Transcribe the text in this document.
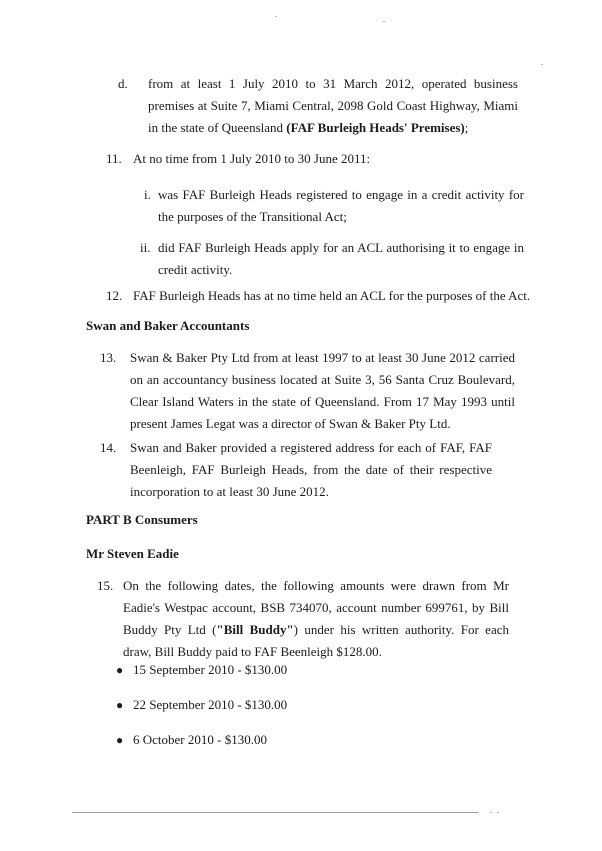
d. from at least 1 July 2010 to 31 March 2012, operated business premises at Suite 7, Miami Central, 2098 Gold Coast Highway, Miami in the state of Queensland (FAF Burleigh Heads' Premises);
11. At no time from 1 July 2010 to 30 June 2011:
i. was FAF Burleigh Heads registered to engage in a credit activity for the purposes of the Transitional Act;
ii. did FAF Burleigh Heads apply for an ACL authorising it to engage in credit activity.
12. FAF Burleigh Heads has at no time held an ACL for the purposes of the Act.
Swan and Baker Accountants
13. Swan & Baker Pty Ltd from at least 1997 to at least 30 June 2012 carried on an accountancy business located at Suite 3, 56 Santa Cruz Boulevard, Clear Island Waters in the state of Queensland. From 17 May 1993 until present James Legat was a director of Swan & Baker Pty Ltd.
14. Swan and Baker provided a registered address for each of FAF, FAF Beenleigh, FAF Burleigh Heads, from the date of their respective incorporation to at least 30 June 2012.
PART B Consumers
Mr Steven Eadie
15. On the following dates, the following amounts were drawn from Mr Eadie's Westpac account, BSB 734070, account number 699761, by Bill Buddy Pty Ltd ("Bill Buddy") under his written authority. For each draw, Bill Buddy paid to FAF Beenleigh $128.00.
● 15 September 2010 - $130.00
● 22 September 2010 - $130.00
● 6 October 2010 - $130.00
